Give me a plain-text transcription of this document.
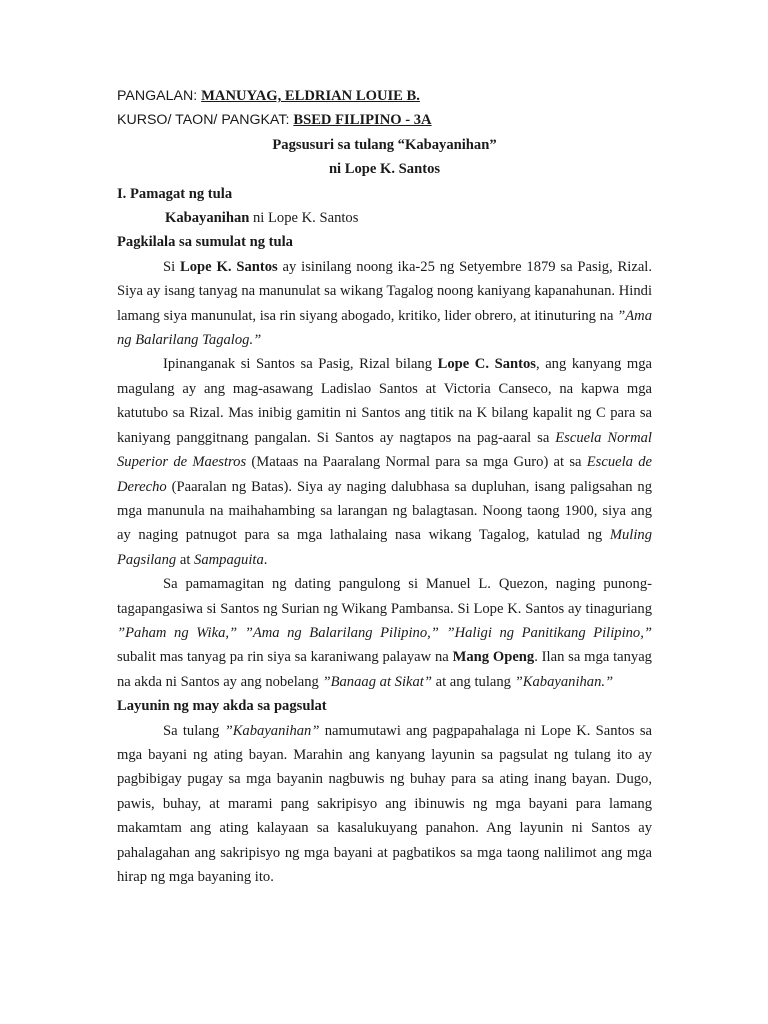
PANGALAN: MANUYAG, ELDRIAN LOUIE B.
KURSO/ TAON/ PANGKAT: BSED FILIPINO - 3A
Pagsusuri sa tulang “Kabayanihan”
ni Lope K. Santos
I. Pamagat ng tula
Kabayanihan ni Lope K. Santos
Pagkilala sa sumulat ng tula

Si Lope K. Santos ay isinilang noong ika-25 ng Setyembre 1879 sa Pasig, Rizal. Siya ay isang tanyag na manunulat sa wikang Tagalog noong kaniyang kapanahunan. Hindi lamang siya manunulat, isa rin siyang abogado, kritiko, lider obrero, at itinuturing na ”Ama ng Balarilang Tagalog.”

Ipinanganak si Santos sa Pasig, Rizal bilang Lope C. Santos, ang kanyang mga magulang ay ang mag-asawang Ladislao Santos at Victoria Canseco, na kapwa mga katutubo sa Rizal. Mas inibig gamitin ni Santos ang titik na K bilang kapalit ng C para sa kaniyang panggitnang pangalan. Si Santos ay nagtapos na pag-aaral sa Escuela Normal Superior de Maestros (Mataas na Paaralang Normal para sa mga Guro) at sa Escuela de Derecho (Paaralan ng Batas). Siya ay naging dalubhasa sa dupluhan, isang paligsahan ng mga manunula na maihahambing sa larangan ng balagtasan. Noong taong 1900, siya ang ay naging patnugot para sa mga lathalaing nasa wikang Tagalog, katulad ng Muling Pagsilang at Sampaguita.

Sa pamamagitan ng dating pangulong si Manuel L. Quezon, naging punong-tagapangasiwa si Santos ng Surian ng Wikang Pambansa. Si Lope K. Santos ay tinaguriang ”Paham ng Wika,” ”Ama ng Balarilang Pilipino,” ”Haligi ng Panitikang Pilipino,” subalit mas tanyag pa rin siya sa karaniwang palayaw na Mang Openg. Ilan sa mga tanyag na akda ni Santos ay ang nobelang ”Banaag at Sikat” at ang tulang ”Kabayanihan.”

Layunin ng may akda sa pagsulat

Sa tulang ”Kabayanihan” namumutawi ang pagpapahalaga ni Lope K. Santos sa mga bayani ng ating bayan. Marahin ang kanyang layunin sa pagsulat ng tulang ito ay pagbibigay pugay sa mga bayanin nagbuwis ng buhay para sa ating inang bayan. Dugo, pawis, buhay, at marami pang sakripisyo ang ibinuwis ng mga bayani para lamang makamtam ang ating kalayaan sa kasalukuyang panahon. Ang layunin ni Santos ay pahalagahan ang sakripisyo ng mga bayani at pagbatikos sa mga taong nalilimot ang mga hirap ng mga bayaning ito.
